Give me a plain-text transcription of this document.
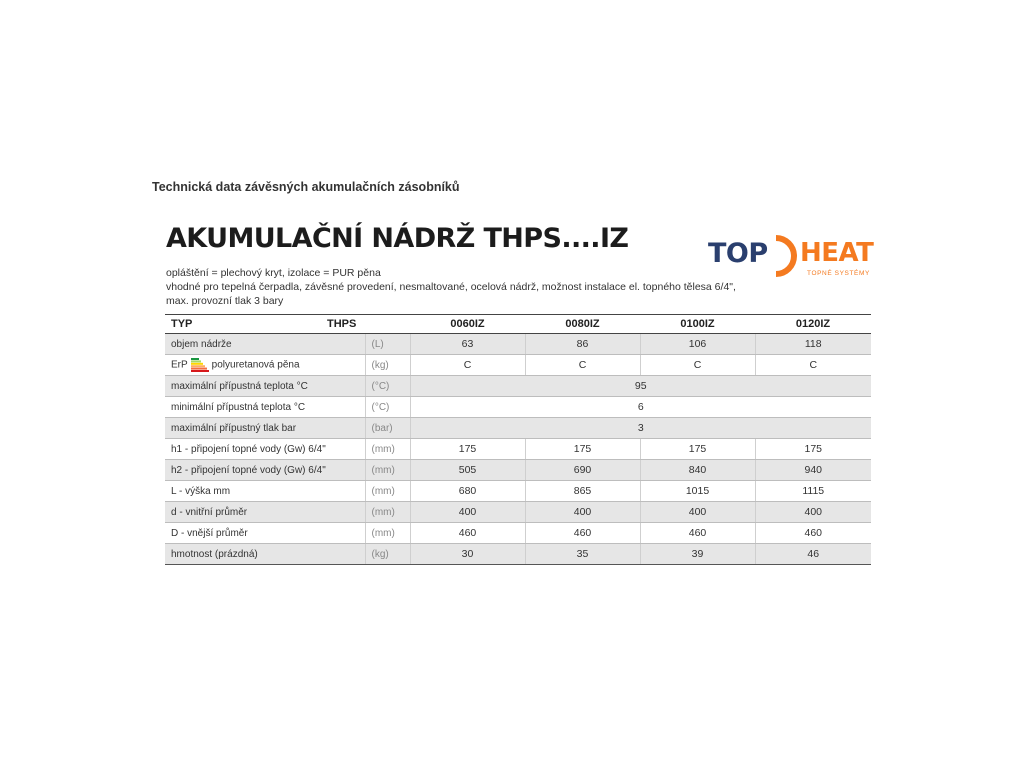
Technická data závěsných akumulačních zásobníků
AKUMULAČNÍ NÁDRŽ THPS....IZ
opláštění = plechový kryt, izolace = PUR pěna
vhodné pro tepelná čerpadla, závěsné provedení, nesmaltované, ocelová nádrž, možnost instalace el. topného tělesa 6/4",
max. provozní tlak 3 bary
TOP HEAT
TOPNÉ SYSTÉMY
TYP THPS		0060IZ	0080IZ	0100IZ	0120IZ
objem nádrže	(L)	63	86	106	118
ErP polyuretanová pěna	(kg)	C	C	C	C
maximální přípustná teplota °C	(°C)	95			
minimální přípustná teplota °C	(°C)	6			
maximální přípustný tlak bar	(bar)	3			
h1 - připojení topné vody (Gw) 6/4"	(mm)	175	175	175	175
h2 - připojení topné vody (Gw) 6/4"	(mm)	505	690	840	940
L - výška mm	(mm)	680	865	1015	1115
d - vnitřní průměr	(mm)	400	400	400	400
D - vnější průměr	(mm)	460	460	460	460
hmotnost (prázdná)	(kg)	30	35	39	46
